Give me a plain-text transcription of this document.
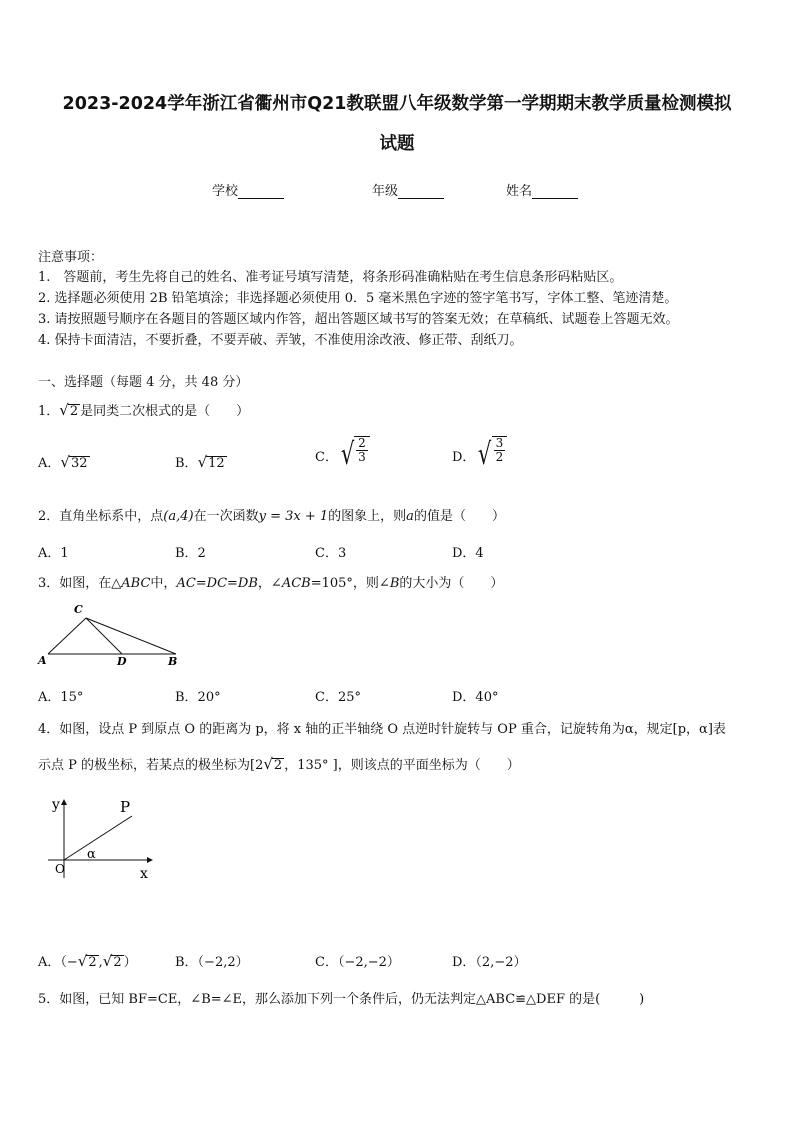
2023-2024学年浙江省衢州市Q21教联盟八年级数学第一学期期末教学质量检测模拟
试题
学校	年级	姓名
注意事项：
1.　答题前，考生先将自己的姓名、准考证号填写清楚，将条形码准确粘贴在考生信息条形码粘贴区。
2. 选择题必须使用 2B 铅笔填涂；非选择题必须使用 0．5 毫米黑色字迹的签字笔书写，字体工整、笔迹清楚。
3. 请按照题号顺序在各题目的答题区域内作答，超出答题区域书写的答案无效；在草稿纸、试题卷上答题无效。
4. 保持卡面清洁，不要折叠，不要弄破、弄皱，不准使用涂改液、修正带、刮纸刀。
一、选择题（每题 4 分，共 48 分）
1． √ 2 是同类二次根式的是（　　）
A． √ 32	B． √ 12	C． √ $\frac{2}{3}$	D． √ $\frac{3}{2}$
2．直角坐标系中，点(a,4)在一次函数y = 3x + 1的图象上，则a的值是（　　）
A．1	B．2	C．3	D．4
3．如图，在△ABC中，AC=DC=DB，∠ACB=105°，则∠B的大小为（　　）
C
A	D	B
A．15°	B．20°	C．25°	D．40°
4．如图，设点 P 到原点 O 的距离为 p，将 x 轴的正半轴绕 O 点逆时针旋转与 OP 重合，记旋转角为α，规定[p，α]表
示点 P 的极坐标，若某点的极坐标为[2 √ 2 ，135° ]，则该点的平面坐标为（　　）
y	P
α
O	x
A．（− √ 2 , √ 2 ）	B．（−2,2）	C．（−2,−2）	D．（2,−2）
5．如图，已知 BF=CE，∠B=∠E，那么添加下列一个条件后，仍无法判定△ABC≌△DEF 的是(　　　)
